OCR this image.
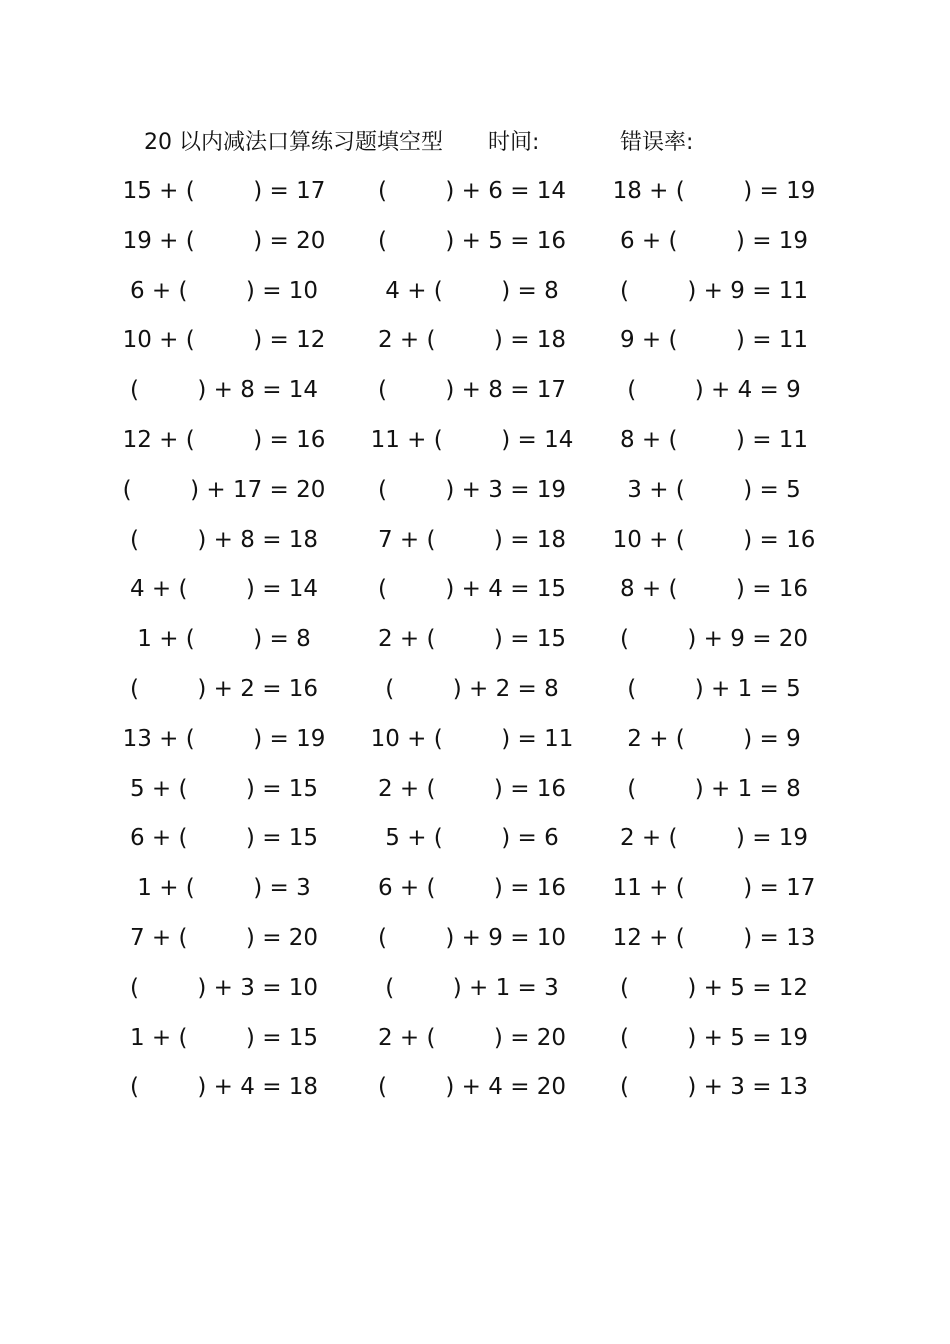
20 以内减法口算练习题填空型 时间:	错误率:
15 + (        ) = 17
19 + (        ) = 20
6 + (        ) = 10
10 + (        ) = 12
(        ) + 8 = 14
12 + (        ) = 16
(        ) + 17 = 20
(        ) + 8 = 18
4 + (        ) = 14
1 + (        ) = 8
(        ) + 2 = 16
13 + (        ) = 19
5 + (        ) = 15
6 + (        ) = 15
1 + (        ) = 3
7 + (        ) = 20
(        ) + 3 = 10
1 + (        ) = 15
(        ) + 4 = 18
(        ) + 6 = 14
(        ) + 5 = 16
4 + (        ) = 8
2 + (        ) = 18
(        ) + 8 = 17
11 + (        ) = 14
(        ) + 3 = 19
7 + (        ) = 18
(        ) + 4 = 15
2 + (        ) = 15
(        ) + 2 = 8
10 + (        ) = 11
2 + (        ) = 16
5 + (        ) = 6
6 + (        ) = 16
(        ) + 9 = 10
(        ) + 1 = 3
2 + (        ) = 20
(        ) + 4 = 20
18 + (        ) = 19
6 + (        ) = 19
(        ) + 9 = 11
9 + (        ) = 11
(        ) + 4 = 9
8 + (        ) = 11
3 + (        ) = 5
10 + (        ) = 16
8 + (        ) = 16
(        ) + 9 = 20
(        ) + 1 = 5
2 + (        ) = 9
(        ) + 1 = 8
2 + (        ) = 19
11 + (        ) = 17
12 + (        ) = 13
(        ) + 5 = 12
(        ) + 5 = 19
(        ) + 3 = 13
